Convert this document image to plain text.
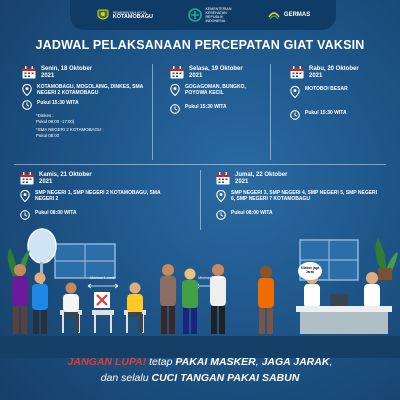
PEMERINTAH KOTA
KOTAMOBAGU
KEMENTERIAN
KESEHATAN
REPUBLIK
INDONESIA
GERMAS
JADWAL PELAKSANAAN PERCEPATAN GIAT VAKSIN
Senin, 18 Oktober
2021
KOTAMOBAGU, MOGOLAING, DINKES, SMA NEGERI 2 KOTAMOBAGU
Pukul 15:30 WITA
*Dinkes :
Pukul 09:00 -17:00)
*SMA NEGERI 2 KOTAMOBAGU :
Pukul 08:00
Selasa, 19 Oktober
2021
GOGAGOMAN, BUNGKO, POYOWA KECIL
Pukul 15:30 WITA
Rabu, 20 Oktober
2021
MOTOBOI BESAR
Pukul 15:30 WITA
Kamis, 21 Oktober
2021
SMP NEGERI 1, SMP NEGERI 2 KOTAMOBAGU, SMA NEGERI 2
Pukul 08:00 WITA
Jumat, 22 Oktober
2021
SMP NEGERI 3, SMP NEGERI 4, SMP NEGERI 5, SMP NEGERI 6, SMP NEGERI 7 KOTAMOBAGU
Pukul 08:00 WITA
Minimal 1 meter	Minimal 1 meter
Silakan jaga Jarak
JANGAN LUPA! tetap PAKAI MASKER, JAGA JARAK,
dan selalu CUCI TANGAN PAKAI SABUN
